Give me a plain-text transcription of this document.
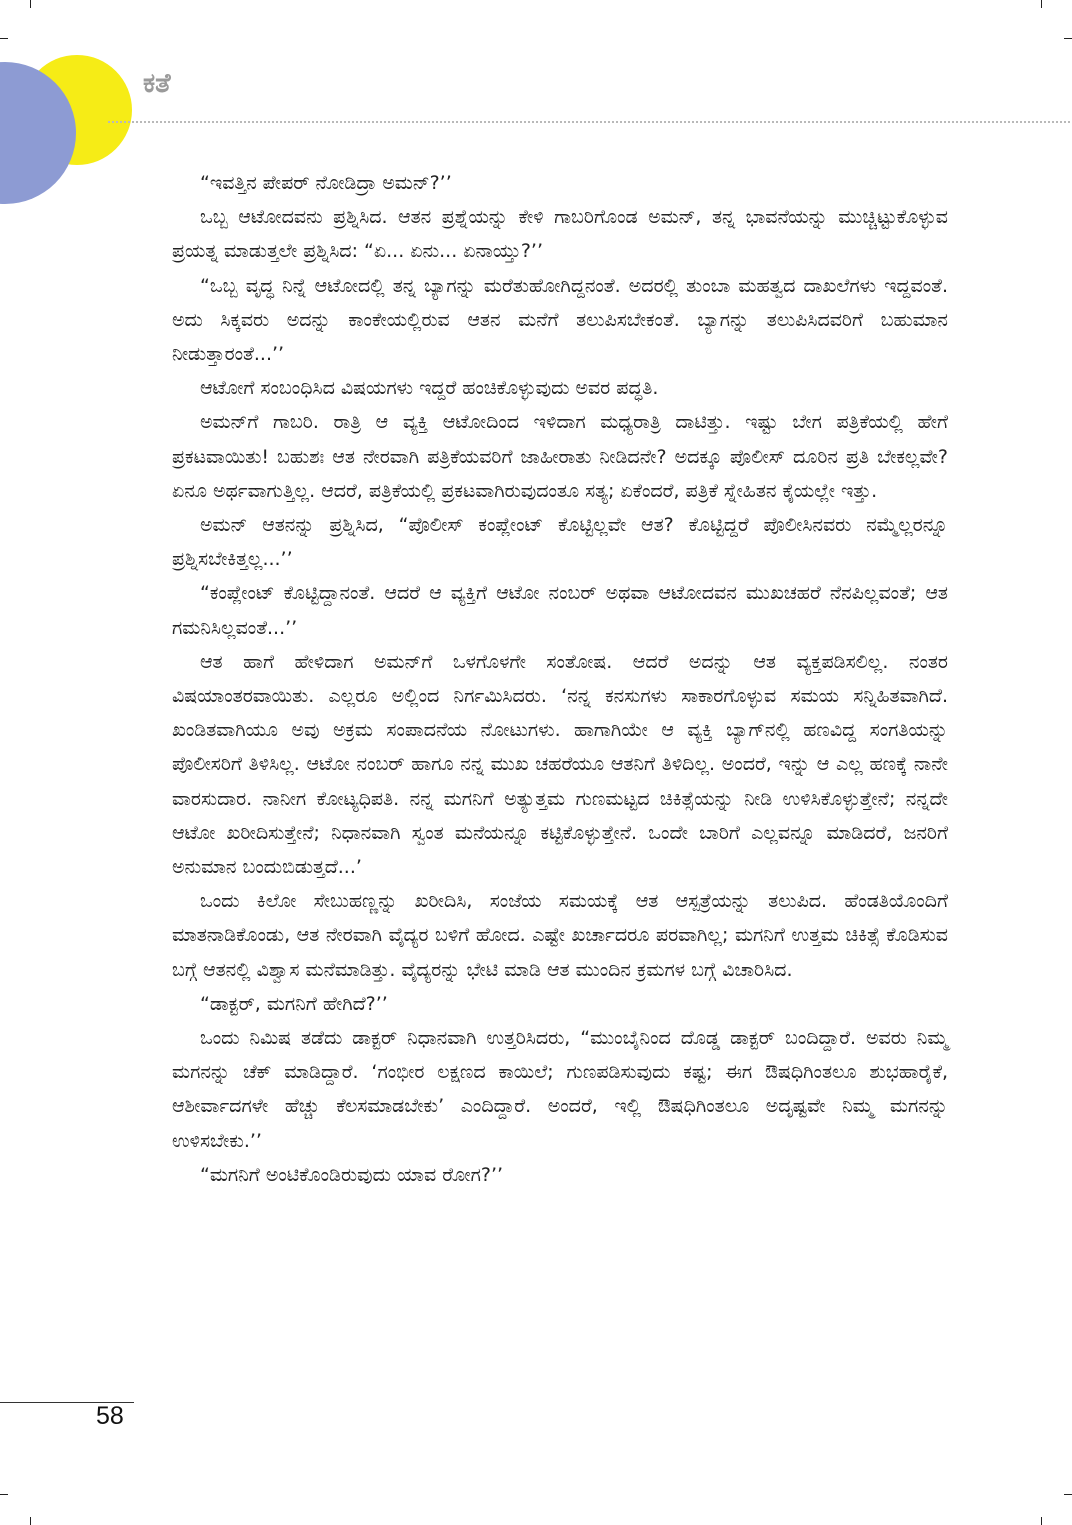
ಕತೆ

“ಇವತ್ತಿನ ಪೇಪರ್ ನೋಡಿದ್ರಾ ಅಮನ್?’’

ಒಬ್ಬ ಆಟೋದವನು ಪ್ರಶ್ನಿಸಿದ. ಆತನ ಪ್ರಶ್ನೆಯನ್ನು ಕೇಳಿ ಗಾಬರಿಗೊಂಡ ಅಮನ್, ತನ್ನ ಭಾವನೆಯನ್ನು ಮುಚ್ಚಿಟ್ಟುಕೊಳ್ಳುವ ಪ್ರಯತ್ನ ಮಾಡುತ್ತಲೇ ಪ್ರಶ್ನಿಸಿದ: “ಏ... ಏನು... ಏನಾಯ್ತು?’’

“ಒಬ್ಬ ವೃದ್ಧ ನಿನ್ನೆ ಆಟೋದಲ್ಲಿ ತನ್ನ ಬ್ಯಾಗನ್ನು ಮರೆತುಹೋಗಿದ್ದನಂತೆ. ಅದರಲ್ಲಿ ತುಂಬಾ ಮಹತ್ವದ ದಾಖಲೆಗಳು ಇದ್ದವಂತೆ. ಅದು ಸಿಕ್ಕವರು ಅದನ್ನು ಕಾಂಕೇಯಲ್ಲಿರುವ ಆತನ ಮನೆಗೆ ತಲುಪಿಸಬೇಕಂತೆ. ಬ್ಯಾಗನ್ನು ತಲುಪಿಸಿದವರಿಗೆ ಬಹುಮಾನ ನೀಡುತ್ತಾರಂತೆ...’’

ಆಟೋಗೆ ಸಂಬಂಧಿಸಿದ ವಿಷಯಗಳು ಇದ್ದರೆ ಹಂಚಿಕೊಳ್ಳುವುದು ಅವರ ಪದ್ಧತಿ.

ಅಮನ್‌ಗೆ ಗಾಬರಿ. ರಾತ್ರಿ ಆ ವ್ಯಕ್ತಿ ಆಟೋದಿಂದ ಇಳಿದಾಗ ಮಧ್ಯರಾತ್ರಿ ದಾಟಿತ್ತು. ಇಷ್ಟು ಬೇಗ ಪತ್ರಿಕೆಯಲ್ಲಿ ಹೇಗೆ ಪ್ರಕಟವಾಯಿತು! ಬಹುಶಃ ಆತ ನೇರವಾಗಿ ಪತ್ರಿಕೆಯವರಿಗೆ ಜಾಹೀರಾತು ನೀಡಿದನೇ? ಅದಕ್ಕೂ ಪೊಲೀಸ್ ದೂರಿನ ಪ್ರತಿ ಬೇಕಲ್ಲವೇ? ಏನೂ ಅರ್ಥವಾಗುತ್ತಿಲ್ಲ. ಆದರೆ, ಪತ್ರಿಕೆಯಲ್ಲಿ ಪ್ರಕಟವಾಗಿರುವುದಂತೂ ಸತ್ಯ; ಏಕೆಂದರೆ, ಪತ್ರಿಕೆ ಸ್ನೇಹಿತನ ಕೈಯಲ್ಲೇ ಇತ್ತು.

ಅಮನ್ ಆತನನ್ನು ಪ್ರಶ್ನಿಸಿದ, “ಪೊಲೀಸ್ ಕಂಪ್ಲೇಂಟ್ ಕೊಟ್ಟಿಲ್ಲವೇ ಆತ? ಕೊಟ್ಟಿದ್ದರೆ ಪೊಲೀಸಿನವರು ನಮ್ಮೆಲ್ಲರನ್ನೂ ಪ್ರಶ್ನಿಸಬೇಕಿತ್ತಲ್ಲ...’’

“ಕಂಪ್ಲೇಂಟ್ ಕೊಟ್ಟಿದ್ದಾನಂತೆ. ಆದರೆ ಆ ವ್ಯಕ್ತಿಗೆ ಆಟೋ ನಂಬರ್ ಅಥವಾ ಆಟೋದವನ ಮುಖಚಹರೆ ನೆನಪಿಲ್ಲವಂತೆ; ಆತ ಗಮನಿಸಿಲ್ಲವಂತೆ...’’

ಆತ ಹಾಗೆ ಹೇಳಿದಾಗ ಅಮನ್‌ಗೆ ಒಳಗೊಳಗೇ ಸಂತೋಷ. ಆದರೆ ಅದನ್ನು ಆತ ವ್ಯಕ್ತಪಡಿಸಲಿಲ್ಲ. ನಂತರ ವಿಷಯಾಂತರವಾಯಿತು. ಎಲ್ಲರೂ ಅಲ್ಲಿಂದ ನಿರ್ಗಮಿಸಿದರು. ‘ನನ್ನ ಕನಸುಗಳು ಸಾಕಾರಗೊಳ್ಳುವ ಸಮಯ ಸನ್ನಿಹಿತವಾಗಿದೆ. ಖಂಡಿತವಾಗಿಯೂ ಅವು ಅಕ್ರಮ ಸಂಪಾದನೆಯ ನೋಟುಗಳು. ಹಾಗಾಗಿಯೇ ಆ ವ್ಯಕ್ತಿ ಬ್ಯಾಗ್‌ನಲ್ಲಿ ಹಣವಿದ್ದ ಸಂಗತಿಯನ್ನು ಪೊಲೀಸರಿಗೆ ತಿಳಿಸಿಲ್ಲ. ಆಟೋ ನಂಬರ್ ಹಾಗೂ ನನ್ನ ಮುಖ ಚಹರೆಯೂ ಆತನಿಗೆ ತಿಳಿದಿಲ್ಲ. ಅಂದರೆ, ಇನ್ನು ಆ ಎಲ್ಲ ಹಣಕ್ಕೆ ನಾನೇ ವಾರಸುದಾರ. ನಾನೀಗ ಕೋಟ್ಯಧಿಪತಿ. ನನ್ನ ಮಗನಿಗೆ ಅತ್ಯುತ್ತಮ ಗುಣಮಟ್ಟದ ಚಿಕಿತ್ಸೆಯನ್ನು ನೀಡಿ ಉಳಿಸಿಕೊಳ್ಳುತ್ತೇನೆ; ನನ್ನದೇ ಆಟೋ ಖರೀದಿಸುತ್ತೇನೆ; ನಿಧಾನವಾಗಿ ಸ್ವಂತ ಮನೆಯನ್ನೂ ಕಟ್ಟಿಕೊಳ್ಳುತ್ತೇನೆ. ಒಂದೇ ಬಾರಿಗೆ ಎಲ್ಲವನ್ನೂ ಮಾಡಿದರೆ, ಜನರಿಗೆ ಅನುಮಾನ ಬಂದುಬಿಡುತ್ತದೆ...’

ಒಂದು ಕಿಲೋ ಸೇಬುಹಣ್ಣನ್ನು ಖರೀದಿಸಿ, ಸಂಜೆಯ ಸಮಯಕ್ಕೆ ಆತ ಆಸ್ಪತ್ರೆಯನ್ನು ತಲುಪಿದ. ಹೆಂಡತಿಯೊಂದಿಗೆ ಮಾತನಾಡಿಕೊಂಡು, ಆತ ನೇರವಾಗಿ ವೈದ್ಯರ ಬಳಿಗೆ ಹೋದ. ಎಷ್ಟೇ ಖರ್ಚಾದರೂ ಪರವಾಗಿಲ್ಲ; ಮಗನಿಗೆ ಉತ್ತಮ ಚಿಕಿತ್ಸೆ ಕೊಡಿಸುವ ಬಗ್ಗೆ ಆತನಲ್ಲಿ ವಿಶ್ವಾಸ ಮನೆಮಾಡಿತ್ತು. ವೈದ್ಯರನ್ನು ಭೇಟಿ ಮಾಡಿ ಆತ ಮುಂದಿನ ಕ್ರಮಗಳ ಬಗ್ಗೆ ವಿಚಾರಿಸಿದ.

“ಡಾಕ್ಟರ್, ಮಗನಿಗೆ ಹೇಗಿದೆ?’’

ಒಂದು ನಿಮಿಷ ತಡೆದು ಡಾಕ್ಟರ್ ನಿಧಾನವಾಗಿ ಉತ್ತರಿಸಿದರು, “ಮುಂಬೈನಿಂದ ದೊಡ್ಡ ಡಾಕ್ಟರ್ ಬಂದಿದ್ದಾರೆ. ಅವರು ನಿಮ್ಮ ಮಗನನ್ನು ಚೆಕ್ ಮಾಡಿದ್ದಾರೆ. ‘ಗಂಭೀರ ಲಕ್ಷಣದ ಕಾಯಿಲೆ; ಗುಣಪಡಿಸುವುದು ಕಷ್ಟ; ಈಗ ಔಷಧಿಗಿಂತಲೂ ಶುಭಹಾರೈಕೆ, ಆಶೀರ್ವಾದಗಳೇ ಹೆಚ್ಚು ಕೆಲಸಮಾಡಬೇಕು’ ಎಂದಿದ್ದಾರೆ. ಅಂದರೆ, ಇಲ್ಲಿ ಔಷಧಿಗಿಂತಲೂ ಅದೃಷ್ಟವೇ ನಿಮ್ಮ ಮಗನನ್ನು ಉಳಿಸಬೇಕು.’’

“ಮಗನಿಗೆ ಅಂಟಿಕೊಂಡಿರುವುದು ಯಾವ ರೋಗ?’’

58
